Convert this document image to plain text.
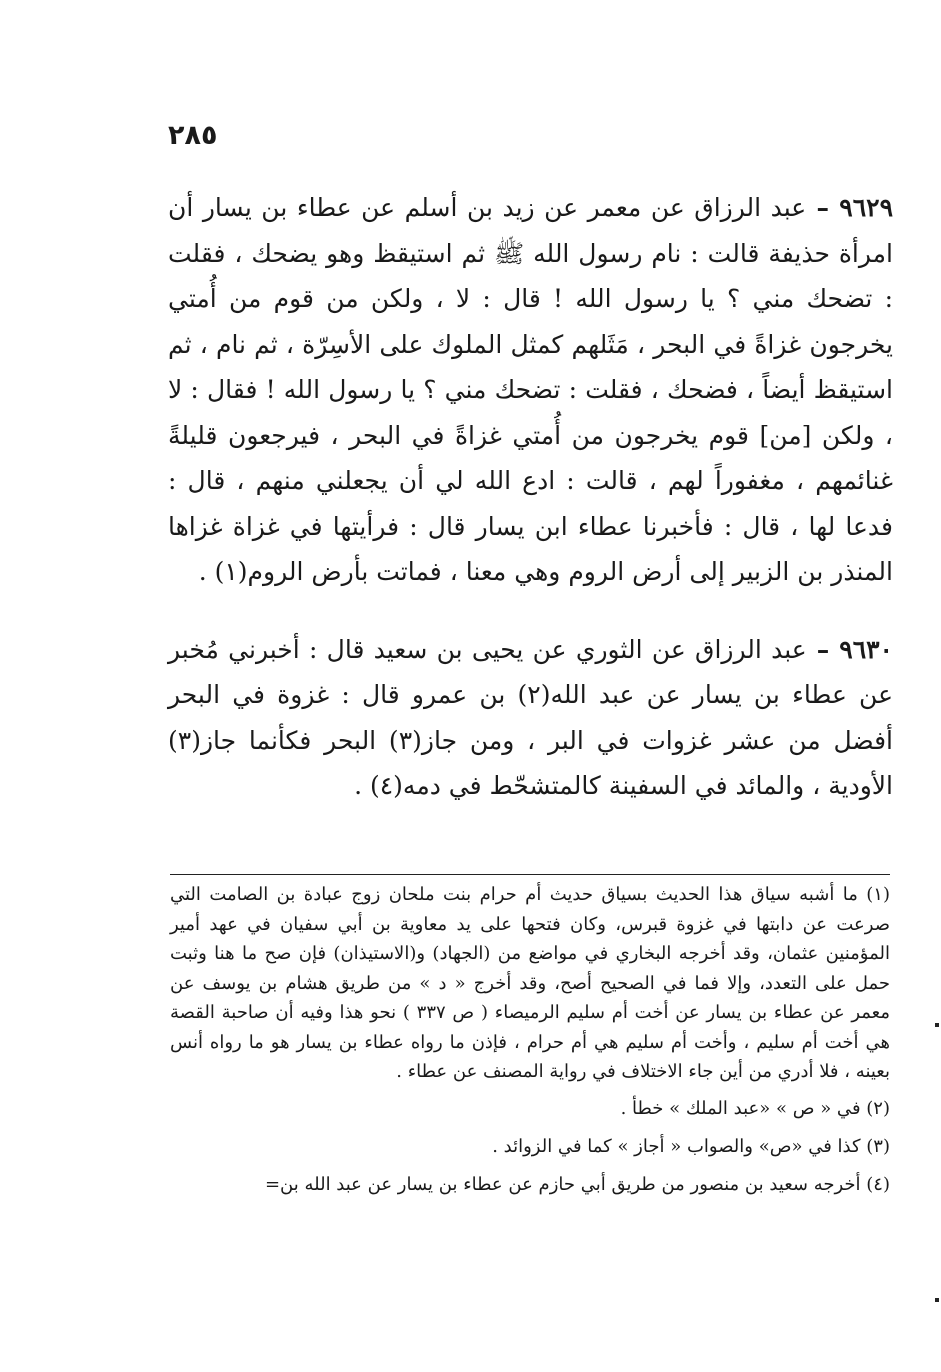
٢٨٥

٩٦٢٩ – عبد الرزاق عن معمر عن زيد بن أسلم عن عطاء بن يسار أن امرأة حذيفة قالت : نام رسول الله ﷺ ثم استيقظ وهو يضحك ، فقلت : تضحك مني ؟ يا رسول الله ! قال : لا ، ولكن من قوم من أُمتي يخرجون غزاةً في البحر ، مَثَلهم كمثل الملوك على الأسِرّة ، ثم نام ، ثم استيقظ أيضاً ، فضحك ، فقلت : تضحك مني ؟ يا رسول الله ! فقال : لا ، ولكن [من] قوم يخرجون من أُمتي غزاةً في البحر ، فيرجعون قليلةً غنائمهم ، مغفوراً لهم ، قالت : ادع الله لي أن يجعلني منهم ، قال : فدعا لها ، قال : فأخبرنا عطاء ابن يسار قال : فرأيتها في غزاة غزاها المنذر بن الزبير إلى أرض الروم وهي معنا ، فماتت بأرض الروم(١) .

٩٦٣٠ – عبد الرزاق عن الثوري عن يحيى بن سعيد قال : أخبرني مُخبر عن عطاء بن يسار عن عبد الله(٢) بن عمرو قال : غزوة في البحر أفضل من عشر غزوات في البر ، ومن جاز(٣) البحر فكأنما جاز(٣) الأودية ، والمائد في السفينة كالمتشحّط في دمه(٤) .

(١) ما أشبه سياق هذا الحديث بسياق حديث أم حرام بنت ملحان زوج عبادة بن الصامت التي صرعت عن دابتها في غزوة قبرس، وكان فتحها على يد معاوية بن أبي سفيان في عهد أمير المؤمنين عثمان، وقد أخرجه البخاري في مواضع من (الجهاد) و(الاستيذان) فإن صح ما هنا وثبت حمل على التعدد، وإلا فما في الصحيح أصح، وقد أخرج « د » من طريق هشام بن يوسف عن معمر عن عطاء بن يسار عن أخت أم سليم الرميصاء ( ص ٣٣٧ ) نحو هذا وفيه أن صاحبة القصة هي أخت أم سليم ، وأخت أم سليم هي أم حرام ، فإذن ما رواه عطاء بن يسار هو ما رواه أنس بعينه ، فلا أدري من أين جاء الاختلاف في رواية المصنف عن عطاء .

(٢) في « ص » «عبد الملك » خطأ .

(٣) كذا في «ص» والصواب « أجاز » كما في الزوائد .

(٤) أخرجه سعيد بن منصور من طريق أبي حازم عن عطاء بن يسار عن عبد الله بن=
